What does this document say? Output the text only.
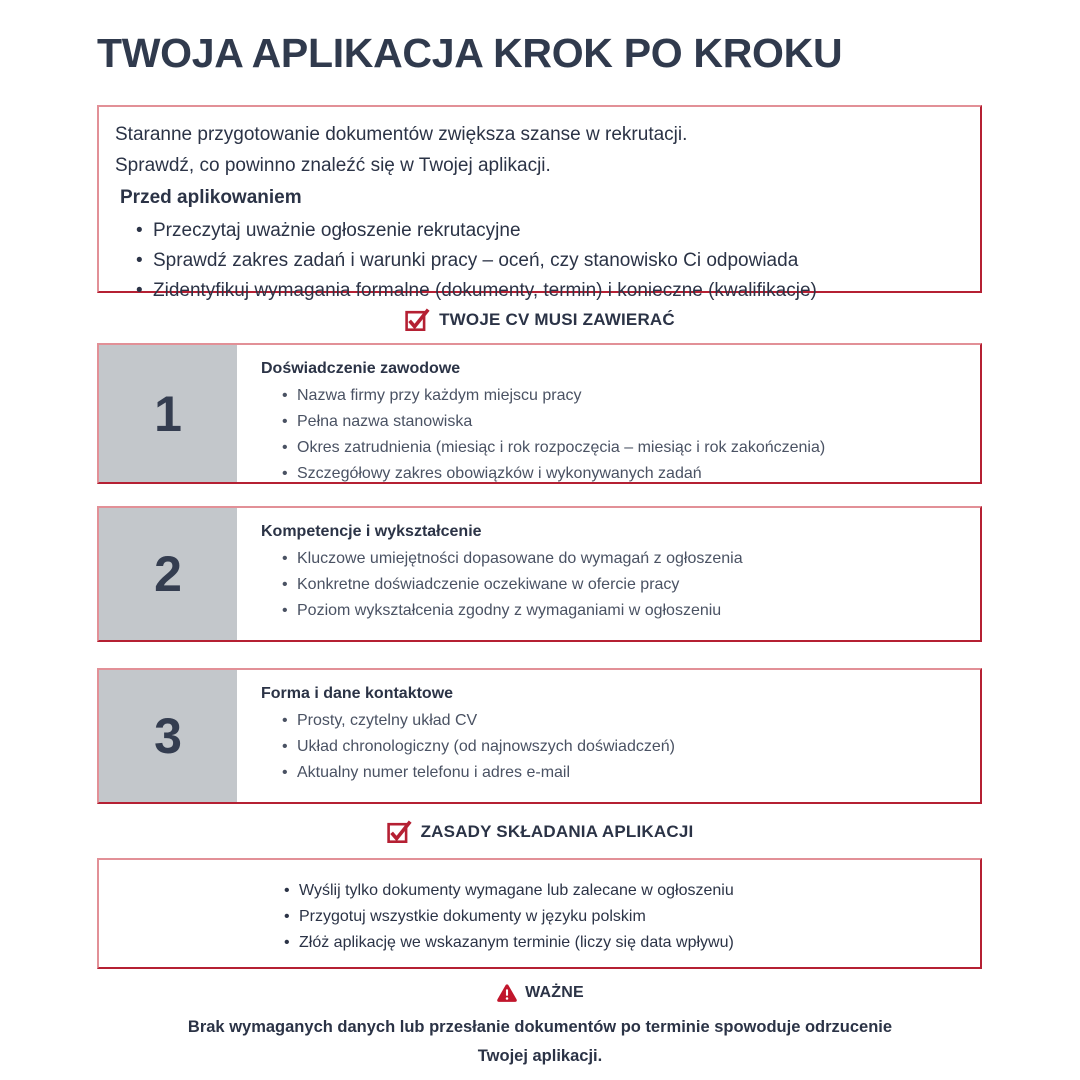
TWOJA APLIKACJA KROK PO KROKU
Staranne przygotowanie dokumentów zwiększa szanse w rekrutacji.
Sprawdź, co powinno znaleźć się w Twojej aplikacji.
Przed aplikowaniem
• Przeczytaj uważnie ogłoszenie rekrutacyjne
• Sprawdź zakres zadań i warunki pracy – oceń, czy stanowisko Ci odpowiada
• Zidentyfikuj wymagania formalne (dokumenty, termin) i konieczne (kwalifikacje)
TWOJE CV MUSI ZAWIERAĆ
1
Doświadczenie zawodowe
• Nazwa firmy przy każdym miejscu pracy
• Pełna nazwa stanowiska
• Okres zatrudnienia (miesiąc i rok rozpoczęcia – miesiąc i rok zakończenia)
• Szczegółowy zakres obowiązków i wykonywanych zadań
2
Kompetencje i wykształcenie
• Kluczowe umiejętności dopasowane do wymagań z ogłoszenia
• Konkretne doświadczenie oczekiwane w ofercie pracy
• Poziom wykształcenia zgodny z wymaganiami w ogłoszeniu
3
Forma i dane kontaktowe
• Prosty, czytelny układ CV
• Układ chronologiczny (od najnowszych doświadczeń)
• Aktualny numer telefonu i adres e-mail
ZASADY SKŁADANIA APLIKACJI
• Wyślij tylko dokumenty wymagane lub zalecane w ogłoszeniu
• Przygotuj wszystkie dokumenty w języku polskim
• Złóż aplikację we wskazanym terminie (liczy się data wpływu)
WAŻNE
Brak wymaganych danych lub przesłanie dokumentów po terminie spowoduje odrzucenie
Twojej aplikacji.
